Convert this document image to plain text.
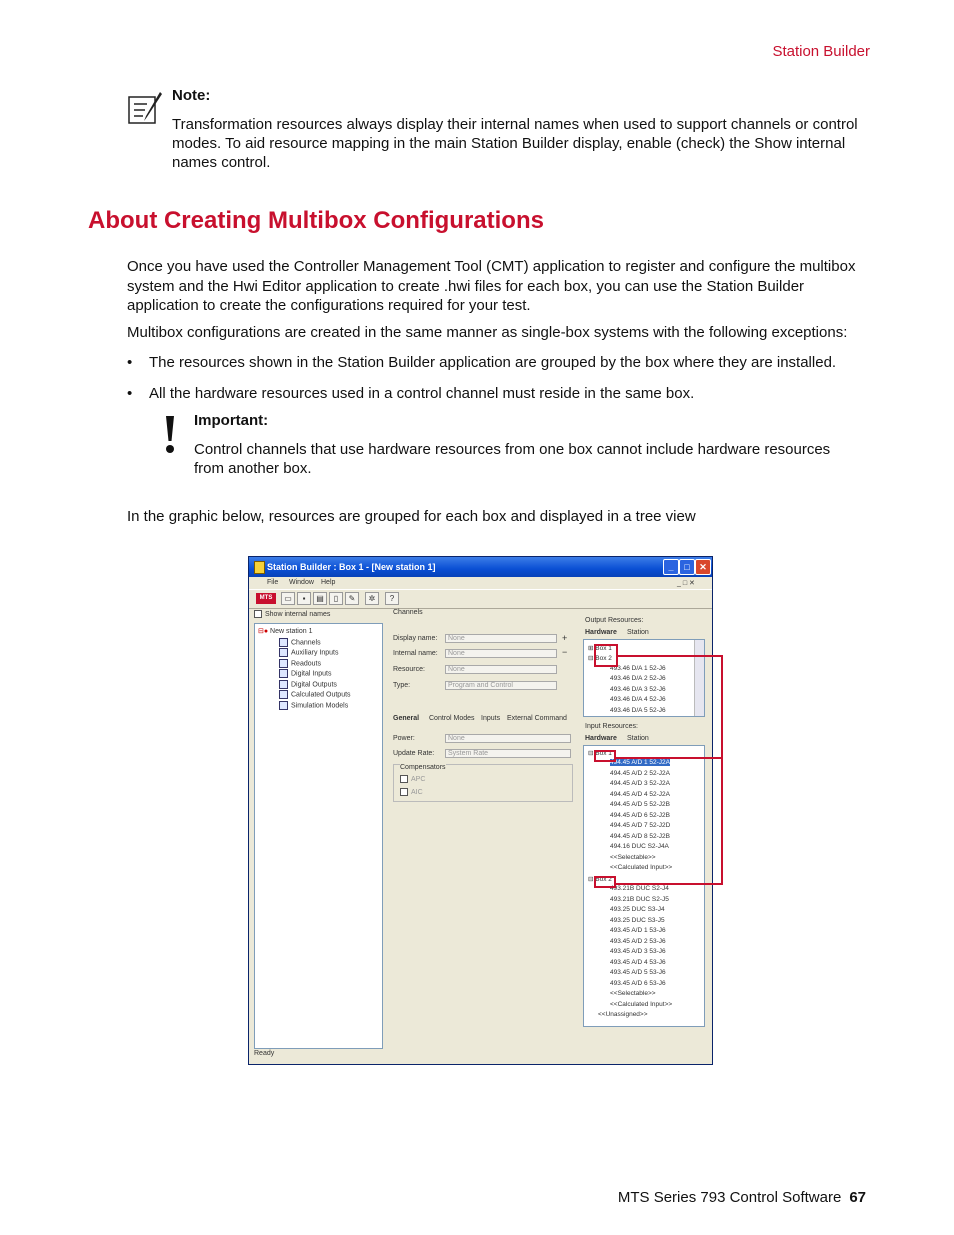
Station Builder
Note:
Transformation resources always display their internal names when used to support channels or control modes. To aid resource mapping in the main Station Builder display, enable (check) the Show internal names control.
About Creating Multibox Configurations

Once you have used the Controller Management Tool (CMT) application to register and configure the multibox system and the Hwi Editor application to create .hwi files for each box, you can use the Station Builder application to create the configurations required for your test.

Multibox configurations are created in the same manner as single-box systems with the following exceptions:

• The resources shown in the Station Builder application are grouped by the box where they are installed.
• All the hardware resources used in a control channel must reside in the same box.
Important:
Control channels that use hardware resources from one box cannot include hardware resources from another box.

In the graphic below, resources are grouped for each box and displayed in a tree view

Station Builder : Box 1 - [New station 1]	_	□	✕
File Window Help	_ □ ✕
MTS	▭	▪	▤	▯	✎	✲	?
Show internal names
⊟● New station 1
Channels
Auxiliary Inputs
Readouts
Digital Inputs
Digital Outputs
Calculated Outputs
Simulation Models
Channels
Display name:	None
Internal name:	None
Resource:	None
Type:	Program and Control
+
−
General Control Modes Inputs External Command
Power:	None
Update Rate:	System Rate
Compensators
APC
AIC
Output Resources:
Hardware Station
⊞ Box 1
⊟ Box 2
493.46 D/A 1 52-J6
493.46 D/A 2 52-J6
493.46 D/A 3 52-J6
493.46 D/A 4 52-J6
493.46 D/A 5 52-J6
Input Resources:
Hardware Station
⊟ Box 1
494.45 A/D 1 52-J2A
494.45 A/D 2 52-J2A
494.45 A/D 3 52-J2A
494.45 A/D 4 52-J2A
494.45 A/D 5 52-J2B
494.45 A/D 6 52-J2B
494.45 A/D 7 52-J2D
494.45 A/D 8 52-J2B
494.16 DUC S2-J4A
<<Selectable>>
<<Calculated Input>>
⊟ Box 2
493.21B DUC S2-J4
493.21B DUC S2-J5
493.25 DUC S3-J4
493.25 DUC S3-J5
493.45 A/D 1 53-J6
493.45 A/D 2 53-J6
493.45 A/D 3 53-J6
493.45 A/D 4 53-J6
493.45 A/D 5 53-J6
493.45 A/D 6 53-J6
<<Selectable>>
<<Calculated Input>>
<<Unassigned>>
Ready
MTS Series 793 Control Software 67
